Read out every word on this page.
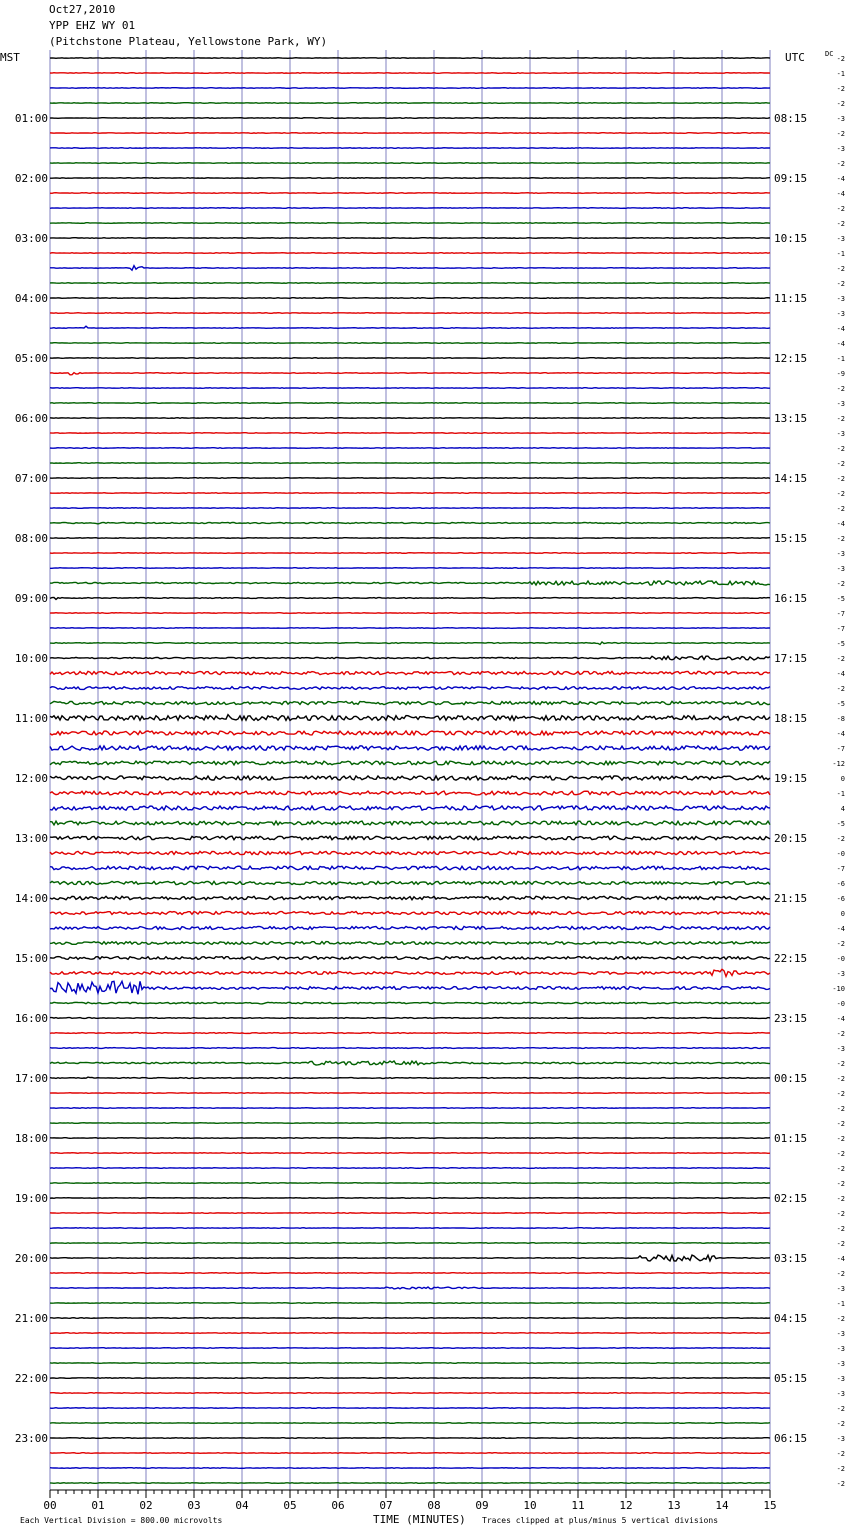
Oct27,2010
YPP EHZ WY 01
(Pitchstone Plateau, Yellowstone Park, WY)
00	01	02	03	04	05	06	07	08	09	10	11	12	13	14	15
01:00
02:00
03:00
04:00
05:00
06:00
07:00
08:00
09:00
10:00
11:00
12:00
13:00
14:00
15:00
16:00
17:00
18:00
19:00
20:00
21:00
22:00
23:00
08:15
09:15
10:15
11:15
12:15
13:15
14:15
15:15
16:15
17:15
18:15
19:15
20:15
21:15
22:15
23:15
00:15
01:15
02:15
03:15
04:15
05:15
06:15
-2
-1
-2
-2
-3
-2
-3
-2
-4
-4
-2
-2
-3
-1
-2
-2
-3
-3
-4
-4
-1
-9
-2
-3
-2
-3
-2
-2
-2
-2
-2
-4
-2
-3
-3
-2
-5
-7
-7
-5
-2
-4
-2
-5
-8
-4
-7
-12
0
-1
4
-5
-2
-0
-7
-6
-6
0
-4
-2
-0
-3
-10
-0
-4
-2
-3
-2
-2
-2
-2
-2
-2
-2
-2
-2
-2
-2
-2
-2
-4
-2
-3
-1
-2
-3
-3
-3
-3
-3
-2
-2
-3
-2
-2
-2
MST	UTC	DC
Each Vertical Division = 800.00 microvolts	TIME (MINUTES) Traces clipped at plus/minus 5 vertical divisions
